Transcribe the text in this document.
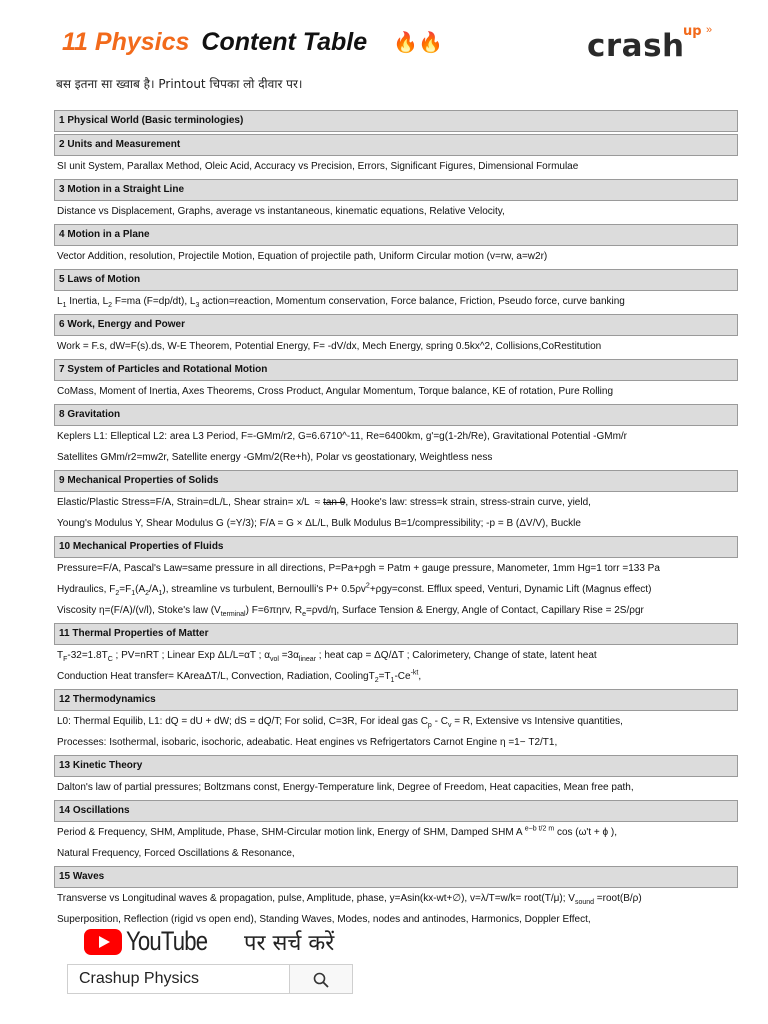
11 Physics Content Table 🔥🔥	crash
up »
बस इतना सा ख्वाब है। Printout चिपका लो दीवार पर।
1 Physical World (Basic terminologies)
2 Units and Measurement
SI unit System, Parallax Method, Oleic Acid, Accuracy vs Precision, Errors, Significant Figures, Dimensional Formulae
3 Motion in a Straight Line
Distance vs Displacement, Graphs, average vs instantaneous, kinematic equations, Relative Velocity,
4 Motion in a Plane
Vector Addition, resolution, Projectile Motion, Equation of projectile path, Uniform Circular motion (v=rw, a=w2r)
5 Laws of Motion
$L_1$ Inertia, $L_2$ F=ma (F=dp/dt), $L_3$ action=reaction, Momentum conservation, Force balance, Friction, Pseudo force, curve banking
6 Work, Energy and Power
Work = F.s, dW=F(s).ds, W-E Theorem, Potential Energy, F= -dV/dx, Mech Energy, spring 0.5kx^2, Collisions,CoRestitution
7 System of Particles and Rotational Motion
CoMass, Moment of Inertia, Axes Theorems, Cross Product, Angular Momentum, Torque balance, KE of rotation, Pure Rolling
8 Gravitation
Keplers L1: Elleptical L2: area L3 Period, F=-GMm/r2, G=6.6710^-11, Re=6400km, g'=g(1-2h/Re), Gravitational Potential -GMm/r
Satellites GMm/r2=mw2r, Satellite energy -GMm/2(Re+h), Polar vs geostationary, Weightless ness
9 Mechanical Properties of Solids
Elastic/Plastic Stress=F/A, Strain=dL/L, Shear strain= x/L  ≈ tan θ, Hooke's law: stress=k strain, stress-strain curve, yield,
Young's Modulus Y, Shear Modulus G (=Y/3); F/A = G × ΔL/L, Bulk Modulus B=1/compressibility; -p = B (ΔV/V), Buckle
10 Mechanical Properties of Fluids
Pressure=F/A, Pascal's Law=same pressure in all directions, P=Pa+ρgh = Patm + gauge pressure, Manometer, 1mm Hg=1 torr =133 Pa
Hydraulics, $F_2=F_1(A_2/A_1)$, streamline vs turbulent, Bernoulli's $P+ 0.5\rho v^2+\rho gy=const$. Efflux speed, Venturi, Dynamic Lift (Magnus effect)
Viscosity η=(F/A)/(v/l), Stoke's law $(V_{terminal})$ F=6πηrv, $R_e=\rho vd/\eta$, Surface Tension & Energy, Angle of Contact, Capillary Rise = 2S/ρgr
11 Thermal Properties of Matter
$T_F-32=1.8T_C$ ; PV=nRT ; Linear Exp ΔL/L=αT ; $\alpha_{vol} =3\alpha_{linear}$ ; heat cap = ΔQ/ΔT ; Calorimetery, Change of state, latent heat
Conduction Heat transfer= KAreaΔT/L, Convection, Radiation, $CoolingT_2=T_1-Ce^{-kt}$,
12 Thermodynamics
L0: Thermal Equilib, L1: dQ = dU + dW; dS = dQ/T; For solid, C=3R, For ideal gas $C_p - C_v = R$, Extensive vs Intensive quantities,
Processes: Isothermal, isobaric, isochoric, adeabatic. Heat engines vs Refrigertators Carnot Engine η =1− T2/T1,
13 Kinetic Theory
Dalton's law of partial pressures; Boltzmans const, Energy-Temperature link, Degree of Freedom, Heat capacities, Mean free path,
14 Oscillations
Period & Frequency, SHM, Amplitude, Phase, SHM-Circular motion link, Energy of SHM, Damped SHM A $^{e-b t/2 m}$ cos (ω't + ϕ ),
Natural Frequency, Forced Oscillations & Resonance,
15 Waves
Transverse vs Longitudinal waves & propagation, pulse, Amplitude, phase, y=Asin(kx-wt+∅), v=λ/T=w/k= root(T/μ); $V_{sound}$ =root(B/ρ)
Superposition, Reflection (rigid vs open end), Standing Waves, Modes, nodes and antinodes, Harmonics, Doppler Effect,
YouTube पर सर्च करें
Crashup Physics
